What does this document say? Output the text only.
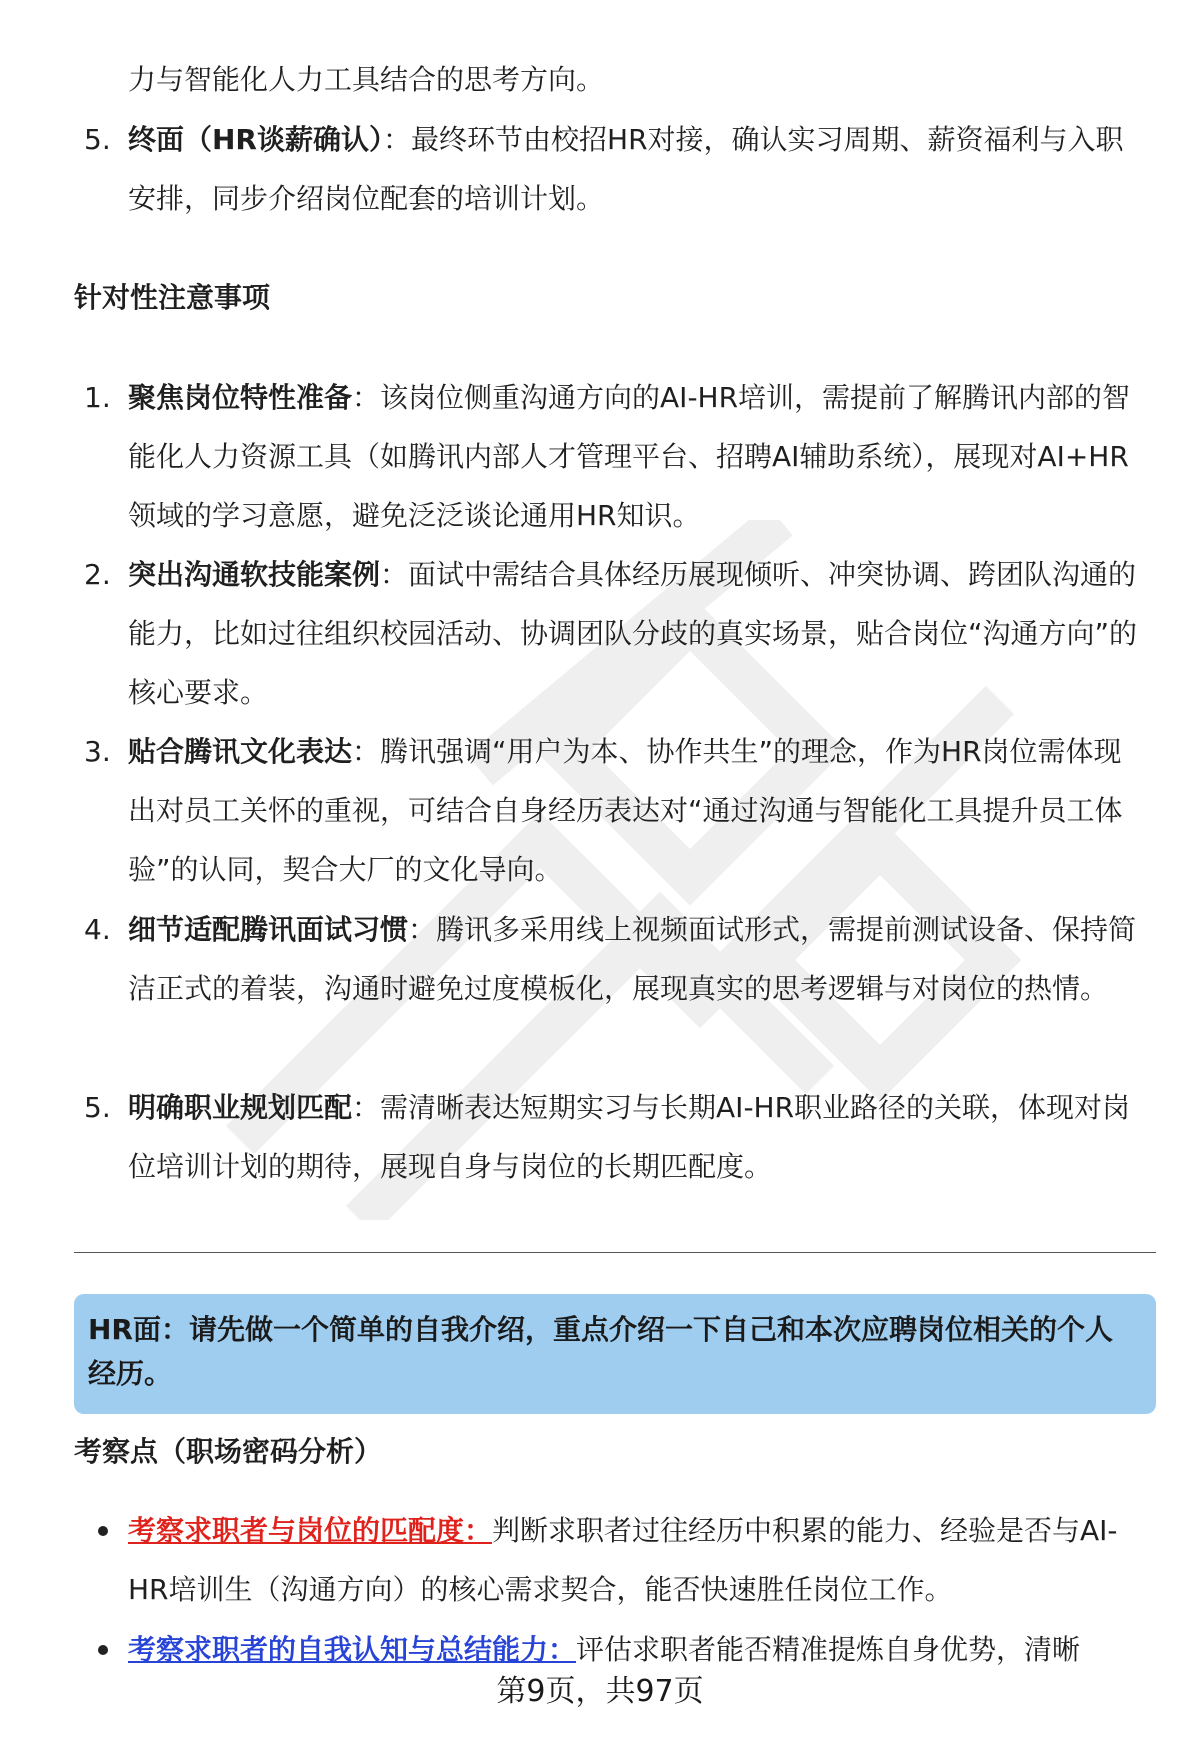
力与智能化人力工具结合的思考方向。
5. 终面（HR谈薪确认）：最终环节由校招HR对接，确认实习周期、薪资福利与入职安排，同步介绍岗位配套的培训计划。
针对性注意事项
1. 聚焦岗位特性准备：该岗位侧重沟通方向的AI-HR培训，需提前了解腾讯内部的智能化人力资源工具（如腾讯内部人才管理平台、招聘AI辅助系统），展现对AI+HR领域的学习意愿，避免泛泛谈论通用HR知识。
2. 突出沟通软技能案例：面试中需结合具体经历展现倾听、冲突协调、跨团队沟通的能力，比如过往组织校园活动、协调团队分歧的真实场景，贴合岗位“沟通方向”的核心要求。
3. 贴合腾讯文化表达：腾讯强调“用户为本、协作共生”的理念，作为HR岗位需体现出对员工关怀的重视，可结合自身经历表达对“通过沟通与智能化工具提升员工体验”的认同，契合大厂的文化导向。
4. 细节适配腾讯面试习惯：腾讯多采用线上视频面试形式，需提前测试设备、保持简洁正式的着装，沟通时避免过度模板化，展现真实的思考逻辑与对岗位的热情。
5. 明确职业规划匹配：需清晰表达短期实习与长期AI-HR职业路径的关联，体现对岗位培训计划的期待，展现自身与岗位的长期匹配度。
HR面：请先做一个简单的自我介绍，重点介绍一下自己和本次应聘岗位相关的个人经历。
考察点（职场密码分析）
考察求职者与岗位的匹配度：判断求职者过往经历中积累的能力、经验是否与AI-HR培训生（沟通方向）的核心需求契合，能否快速胜任岗位工作。
考察求职者的自我认知与总结能力：评估求职者能否精准提炼自身优势，清晰
第9页，共97页
